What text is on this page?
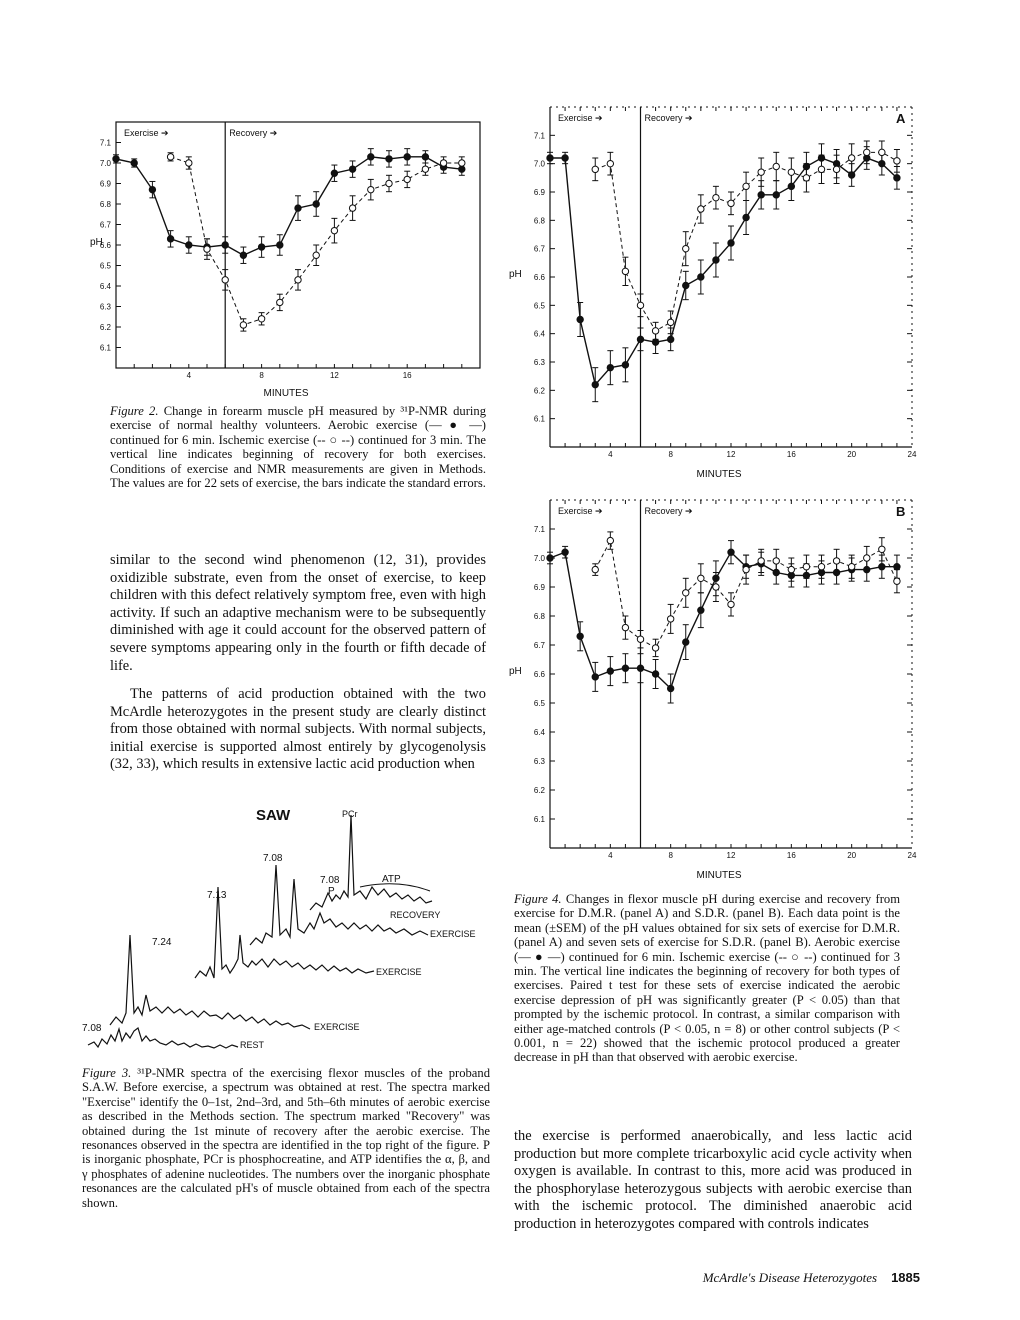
6.1
6.2
6.3
6.4
6.5
6.6
6.7
6.8
6.9
7.0
7.1
4	8	12	16
MINUTES
pH
Exercise ➔	Recovery ➔

Figure 2. Change in forearm muscle pH measured by ³¹P-NMR during exercise of normal healthy volunteers. Aerobic exercise (— ● —) continued for 6 min. Ischemic exercise (-- ○ --) continued for 3 min. The vertical line indicates beginning of recovery for both exercises. Conditions of exercise and NMR measurements are given in Methods. The values are for 22 sets of exercise, the bars indicate the standard errors.

similar to the second wind phenomenon (12, 31), provides oxidizible substrate, even from the onset of exercise, to keep children with this defect relatively symptom free, even with high activity. If such an adaptive mechanism were to be subsequently diminished with age it could account for the observed pattern of severe symptoms appearing only in the fourth or fifth decade of life.

The patterns of acid production obtained with the two McArdle heterozygotes in the present study are clearly distinct from those obtained with normal subjects. With normal subjects, initial exercise is supported almost entirely by glycogenolysis (32, 33), which results in extensive lactic acid production when

SAW	PCr
ATP
P
7.08
REST
7.24
EXERCISE
7.13
EXERCISE
7.08
EXERCISE
7.08
RECOVERY

Figure 3. ³¹P-NMR spectra of the exercising flexor muscles of the proband S.A.W. Before exercise, a spectrum was obtained at rest. The spectra marked "Exercise" identify the 0–1st, 2nd–3rd, and 5th–6th minutes of aerobic exercise as described in the Methods section. The spectrum marked "Recovery" was obtained during the 1st minute of recovery after the aerobic exercise. The resonances observed in the spectra are identified in the top right of the figure. P is inorganic phosphate, PCr is phosphocreatine, and ATP identifies the α, β, and γ phosphates of adenine nucleotides. The numbers over the inorganic phosphate resonances are the calculated pH's of muscle obtained from each of the spectra shown.

6.1
6.2
6.3
6.4
6.5
6.6
6.7
6.8
6.9
7.0
7.1
4	8	12	16	20	24
MINUTES
pH
Exercise ➔	Recovery ➔	A
6.1
6.2
6.3
6.4
6.5
6.6
6.7
6.8
6.9
7.0
7.1
4	8	12	16	20	24
MINUTES
pH
Exercise ➔	Recovery ➔	B

Figure 4. Changes in flexor muscle pH during exercise and recovery from exercise for D.M.R. (panel A) and S.D.R. (panel B). Each data point is the mean (±SEM) of the pH values obtained for six sets of exercise for D.M.R. (panel A) and seven sets of exercise for S.D.R. (panel B). Aerobic exercise (— ● —) continued for 6 min. Ischemic exercise (-- ○ --) continued for 3 min. The vertical line indicates the beginning of recovery for both types of exercises. Paired t test for these sets of exercise indicated the aerobic exercise depression of pH was significantly greater (P < 0.05) than that prompted by the ischemic protocol. In contrast, a similar comparison with either age-matched controls (P < 0.05, n = 8) or other control subjects (P < 0.001, n = 22) showed that the ischemic protocol produced a greater decrease in pH than that observed with aerobic exercise.

the exercise is performed anaerobically, and less lactic acid production but more complete tricarboxylic acid cycle activity when oxygen is available. In contrast to this, more acid was produced in the phosphorylase heterozygous subjects with aerobic exercise than with the ischemic protocol. The diminished anaerobic acid production in heterozygotes compared with controls indicates

McArdle's Disease Heterozygotes 1885
